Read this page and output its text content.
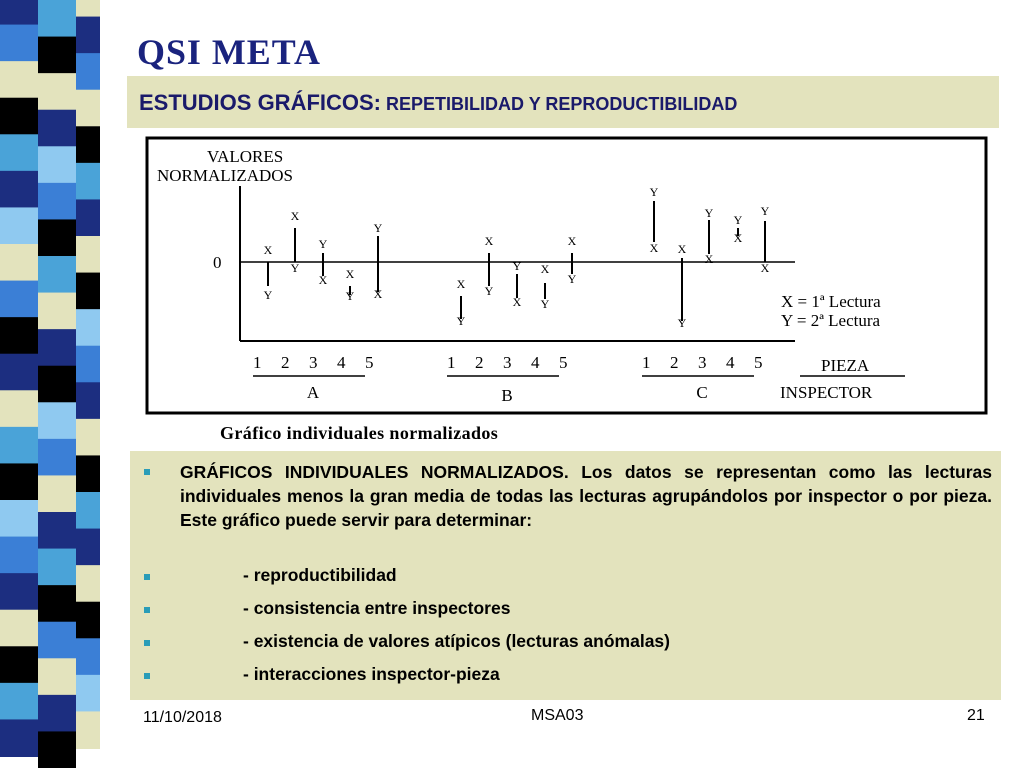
QSI META
ESTUDIOS GRÁFICOS: REPETIBILIDAD Y REPRODUCTIBILIDAD
VALORES
NORMALIZADOS
0
X
Y
X
Y
X
Y
X
Y X
Y
X
Y
X
Y
X
Y X
Y
X
Y
X
Y
X
Y
X
Y
X
Y
X
Y
X = 1ª Lectura
Y = 2ª Lectura
1 2 3 4 5
A
1 2 3 4 5
B
1 2 3 4 5
C
PIEZA
INSPECTOR
Gráfico individuales normalizados

GRÁFICOS INDIVIDUALES NORMALIZADOS. Los datos se representan como las lecturas individuales menos la gran media de todas las lecturas agrupándolos por inspector o por pieza. Este gráfico puede servir para determinar:

- reproductibilidad
- consistencia entre inspectores
- existencia de valores atípicos (lecturas anómalas)
- interacciones inspector-pieza
11/10/2018	MSA03	21
